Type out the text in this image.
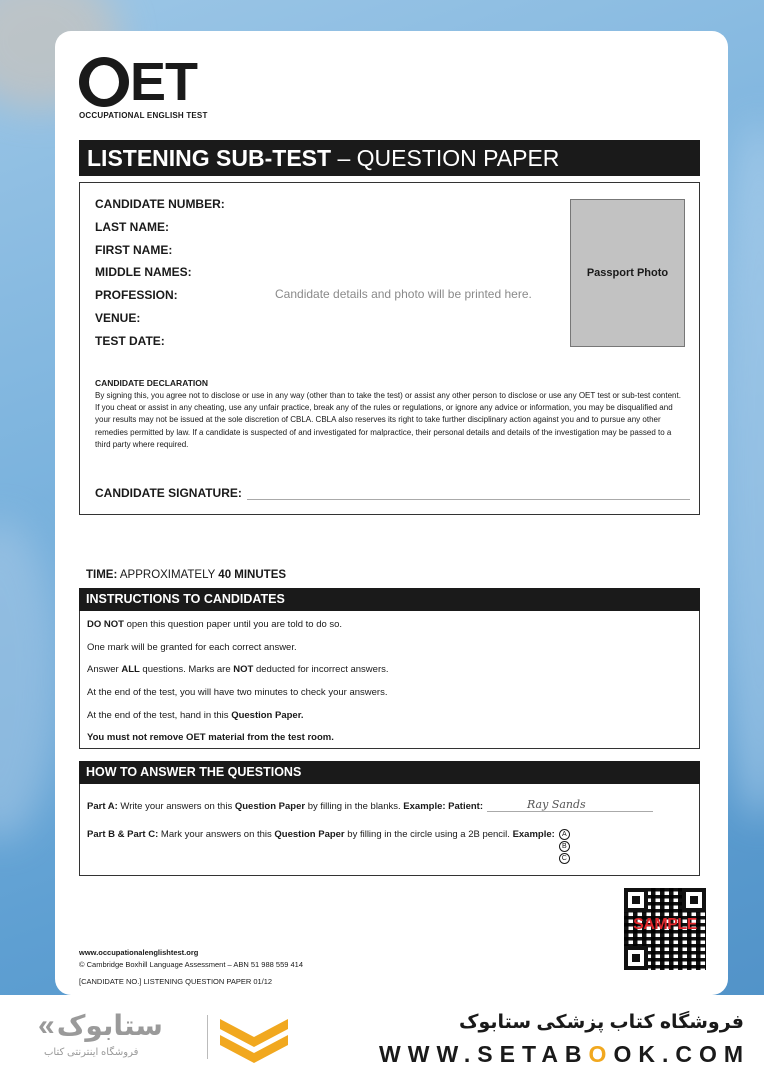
ET
OCCUPATIONAL ENGLISH TEST
LISTENING SUB-TEST – QUESTION PAPER
CANDIDATE NUMBER:
LAST NAME:
FIRST NAME:
MIDDLE NAMES:
PROFESSION:
VENUE:
TEST DATE:
Candidate details and photo will be printed here.
Passport Photo
CANDIDATE DECLARATION
By signing this, you agree not to disclose or use in any way (other than to take the test) or assist any other person to disclose or use any OET test or sub-test content. If you cheat or assist in any cheating, use any unfair practice, break any of the rules or regulations, or ignore any advice or information, you may be disqualified and your results may not be issued at the sole discretion of CBLA. CBLA also reserves its right to take further disciplinary action against you and to pursue any other remedies permitted by law. If a candidate is suspected of and investigated for malpractice, their personal details and details of the investigation may be passed to a third party where required.
CANDIDATE SIGNATURE:
TIME: APPROXIMATELY 40 MINUTES
INSTRUCTIONS TO CANDIDATES
DO NOT open this question paper until you are told to do so.
One mark will be granted for each correct answer.
Answer ALL questions. Marks are NOT deducted for incorrect answers.
At the end of the test, you will have two minutes to check your answers.
At the end of the test, hand in this Question Paper.
You must not remove OET material from the test room.
HOW TO ANSWER THE QUESTIONS
Part A: Write your answers on this Question Paper by filling in the blanks. Example: Patient:	Ray Sands
Part B & Part C: Mark your answers on this Question Paper by filling in the circle using a 2B pencil. Example:	A
B
C
SAMPLE
www.occupationalenglishtest.org
© Cambridge Boxhill Language Assessment – ABN 51 988 559 414
[CANDIDATE NO.] LISTENING QUESTION PAPER 01/12
« ستابوک
فروشگاه اینترنتی کتاب
فروشگاه کتاب پزشکی ستابوک
WWW.SETABOOK.COM
